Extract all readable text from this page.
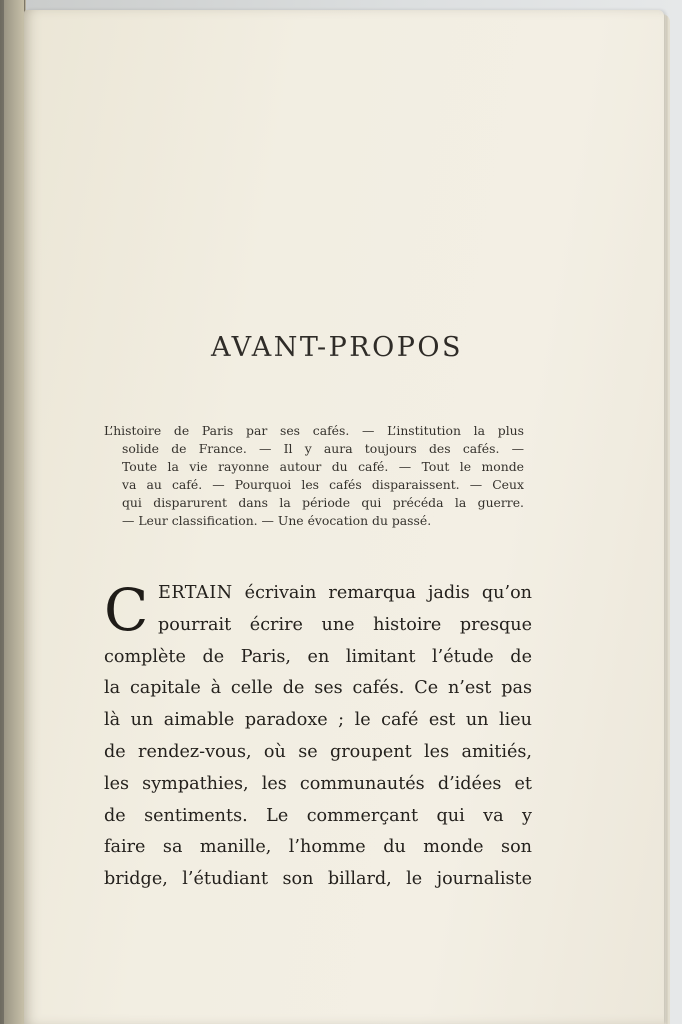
AVANT-PROPOS
L’histoire de Paris par ses cafés. — L’institution la plus
solide de France. — Il y aura toujours des cafés. —
Toute la vie rayonne autour du café. — Tout le monde
va au café. — Pourquoi les cafés disparaissent. — Ceux
qui disparurent dans la période qui précéda la guerre.
— Leur classification. — Une évocation du passé.
C ERTAIN écrivain remarqua jadis qu’on
pourrait écrire une histoire presque
complète de Paris, en limitant l’étude de
la capitale à celle de ses cafés. Ce n’est pas
là un aimable paradoxe ; le café est un lieu
de rendez-vous, où se groupent les amitiés,
les sympathies, les communautés d’idées et
de sentiments. Le commerçant qui va y
faire sa manille, l’homme du monde son
bridge, l’étudiant son billard, le journaliste
